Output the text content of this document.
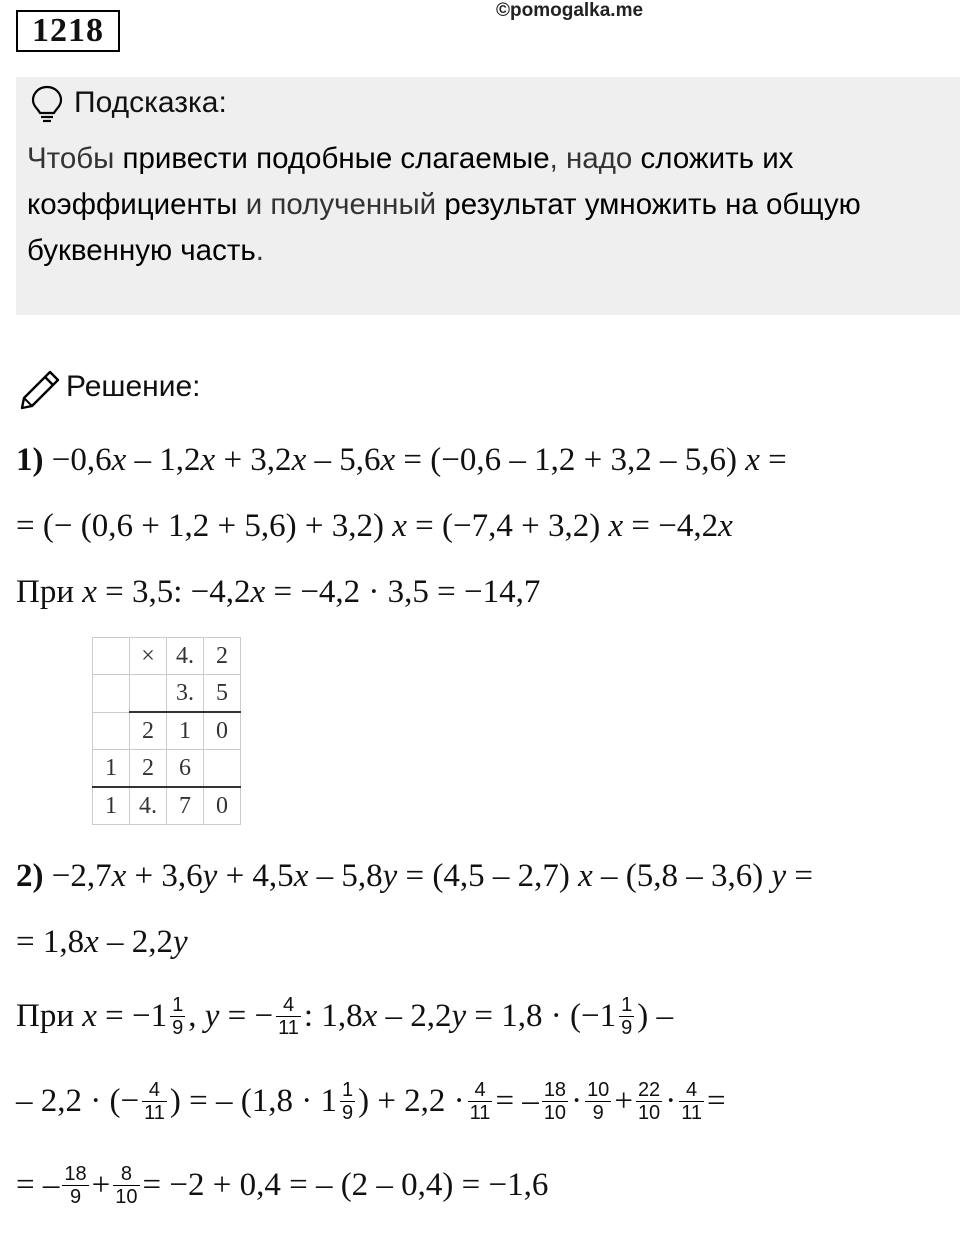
1218
©pomogalka.me
Подсказка:
Чтобы привести подобные слагаемые, надо сложить их коэффициенты и полученный результат умножить на общую буквенную часть.
Решение:
1) −0,6x – 1,2x + 3,2x – 5,6x = (−0,6 – 1,2 + 3,2 – 5,6) x =
= (− (0,6 + 1,2 + 5,6) + 3,2) x = (−7,4 + 3,2) x = −4,2x
При x = 3,5: −4,2x = −4,2 · 3,5 = −14,7
	×	4.	2
		3.	5
	2	1	0
1	2	6	
1	4.	7	0
2) −2,7x + 3,6y + 4,5x – 5,8y = (4,5 – 2,7) x – (5,8 – 3,6) y =
= 1,8x – 2,2y
При $x = -1 \frac{1}{9}$ , y = − $\frac{4}{11}$ : $1,8x - 2,2y = 1,8 \cdot (-1 \frac{1}{9}$ ) –
– 2,2 · (− $\frac{4}{11}$ ) = – ($1,8 \cdot 1 \frac{1}{9}$ ) + $2,2 \cdot \frac{4}{11}$ = – $\frac{18}{10} \cdot \frac{10}{9} + \frac{22}{10} \cdot \frac{4}{11}$ =
= – $\frac{18}{9} + \frac{8}{10} = -2 + 0,4$ = – (2 – 0,4) = −1,6
